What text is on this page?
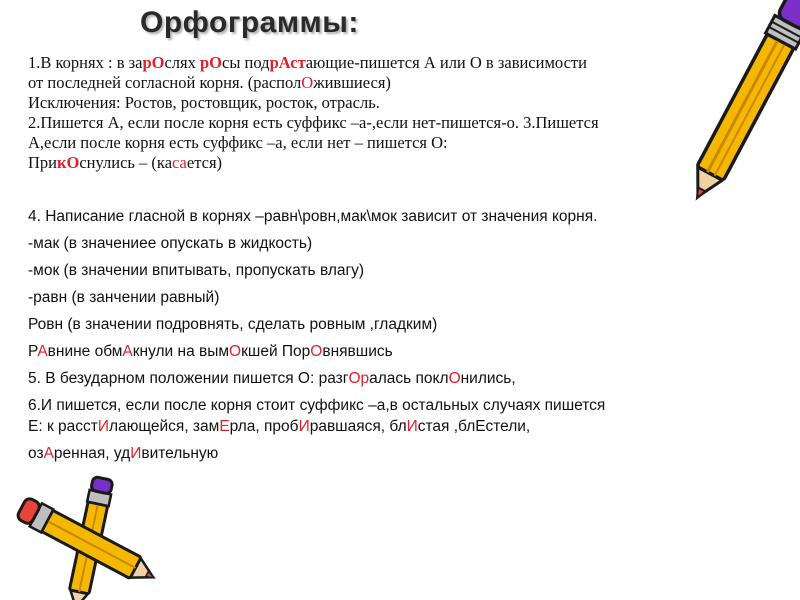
Орфограммы:

1.В корнях : в зарОслях рОсы подрАстающие-пишется А или О в зависимости

от последней согласной корня. (располОжившиеся)

Исключения: Ростов, ростовщик, росток, отрасль.

2.Пишется А, если после корня есть суффикс –а-,если нет-пишется-о. 3.Пишется

А,если после корня есть суффикс –а, если нет – пишется О:

ПрикОснулись – (касается)

4. Написание гласной в корнях –равн\ровн,мак\мок зависит от значения корня.

-мак (в значениее опускать в жидкость)

-мок (в значении впитывать, пропускать влагу)

-равн (в занчении равный)

Ровн (в значении подровнять, сделать ровным ,гладким)

РАвнине обмАкнули на вымОкшей ПорОвнявшись

5. В безударном положении пишется О: разгОралась поклОнились,

6.И пишется, если после корня стоит суффикс –а,в остальных случаях пишется

Е: к расстИлающейся, замЕрла, пробИравшаяся, блИстая ,блЕстели,

озАренная, удИвительную
